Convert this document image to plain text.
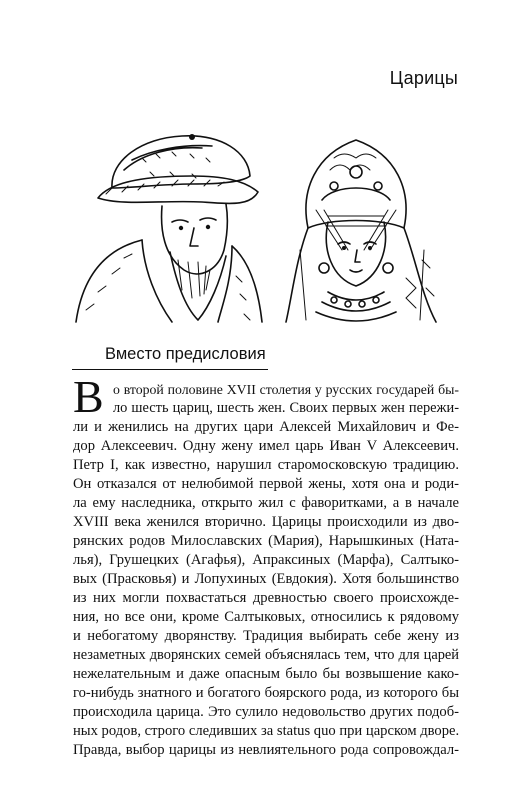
Царицы
Вместо предисловия
В о второй половине XVII столетия у русских государей бы-
ло шесть цариц, шесть жен. Своих первых жен пережи-
ли и женились на других цари Алексей Михайлович и Фе-
дор Алексеевич. Одну жену имел царь Иван V Алексеевич.
Петр I, как известно, нарушил старомосковскую традицию.
Он отказался от нелюбимой первой жены, хотя она и роди-
ла ему наследника, открыто жил с фаворитками, а в начале
XVIII века женился вторично. Царицы происходили из дво-
рянских родов Милославских (Мария), Нарышкиных (Ната-
лья), Грушецких (Агафья), Апраксиных (Марфа), Салтыко-
вых (Прасковья) и Лопухиных (Евдокия). Хотя большинство
из них могли похвастаться древностью своего происхожде-
ния, но все они, кроме Салтыковых, относились к рядовому
и небогатому дворянству. Традиция выбирать себе жену из
незаметных дворянских семей объяснялась тем, что для царей
нежелательным и даже опасным было бы возвышение како-
го-нибудь знатного и богатого боярского рода, из которого бы
происходила царица. Это сулило недовольство других подоб-
ных родов, строго следивших за status quo при царском дворе.
Правда, выбор царицы из невлиятельного рода сопровождал-
